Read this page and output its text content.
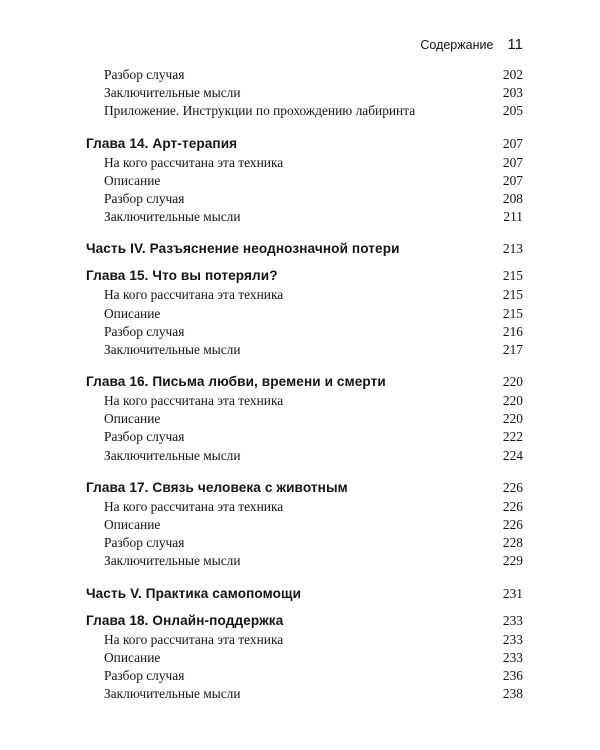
Содержание 11
Разбор случая	202
Заключительные мысли	203
Приложение. Инструкции по прохождению лабиринта	205
Глава 14. Арт-терапия	207
На кого рассчитана эта техника	207
Описание	207
Разбор случая	208
Заключительные мысли	211
Часть IV. Разъяснение неоднозначной потери	213
Глава 15. Что вы потеряли?	215
На кого рассчитана эта техника	215
Описание	215
Разбор случая	216
Заключительные мысли	217
Глава 16. Письма любви, времени и смерти	220
На кого рассчитана эта техника	220
Описание	220
Разбор случая	222
Заключительные мысли	224
Глава 17. Связь человека с животным	226
На кого рассчитана эта техника	226
Описание	226
Разбор случая	228
Заключительные мысли	229
Часть V. Практика самопомощи	231
Глава 18. Онлайн-поддержка	233
На кого рассчитана эта техника	233
Описание	233
Разбор случая	236
Заключительные мысли	238
